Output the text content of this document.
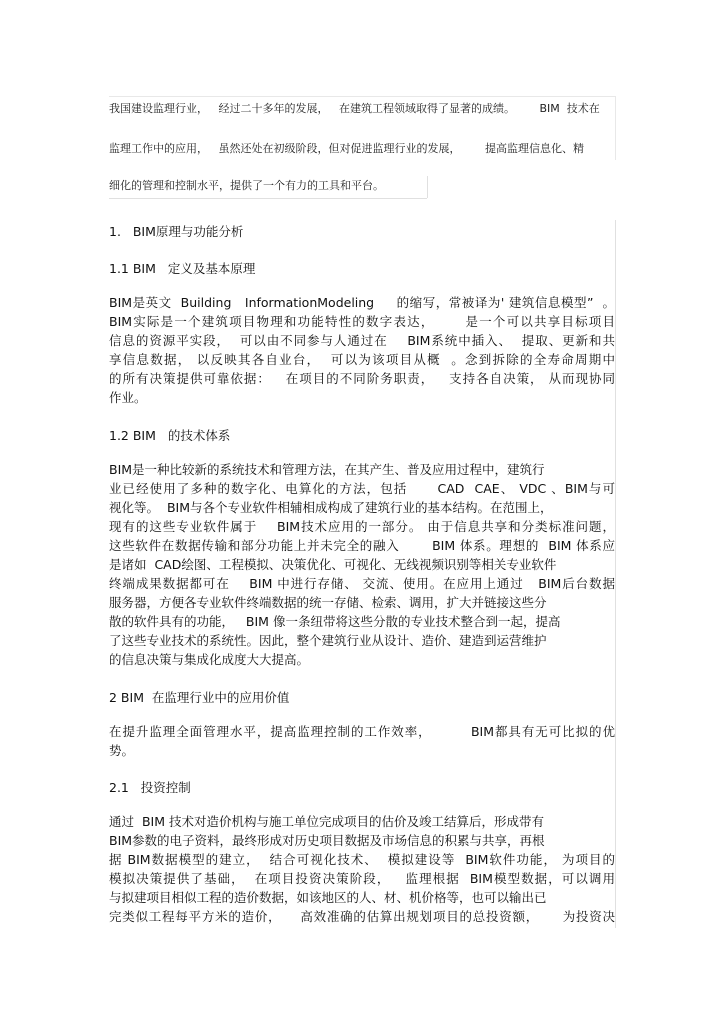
我国建设监理行业，   经过二十多年的发展，   在建筑工程领域取得了显著的成绩。       BIM  技术在
监理工作中的应用，   虽然还处在初级阶段，但对促进监理行业的发展，       提高监理信息化、精
细化的管理和控制水平，提供了一个有力的工具和平台。
1.   BIM原理与功能分析
1.1 BIM   定义及基本原理
BIM是英文  Building   InformationModeling     的缩写，常被译为' 建筑信息模型”  。
BIM实际是一个建筑项目物理和功能特性的数字表达，      是一个可以共享目标项目
信息的资源平实段，  可以由不同参与人通过在    BIM系统中插入、  提取、更新和共
享信息数据， 以反映其各自业台，  可以为该项目从概  。念到拆除的全寿命周期中
的所有决策提供可靠依据：   在项目的不同阶务职责，   支持各自决策， 从而现协同
作业。
1.2 BIM   的技术体系
BIM是一种比较新的系统技术和管理方法，在其产生、普及应用过程中，建筑行
业已经使用了多种的数字化、电算化的方法，包括      CAD  CAE、 VDC 、BIM与可
视化等。  BIM与各个专业软件相辅相成构成了建筑行业的基本结构。在范围上，
现有的这些专业软件属于    BIM技术应用的一部分。 由于信息共享和分类标准问题，
这些软件在数据传输和部分功能上并未完全的融入       BIM 体系。理想的  BIM 体系应
是诸如  CAD绘图、工程模拟、决策优化、可视化、无线视频识别等相关专业软件
终端成果数据都可在    BIM 中进行存储、 交流、使用。在应用上通过   BIM后台数据
服务器，方便各专业软件终端数据的统一存储、检索、调用，扩大并链接这些分
散的软件具有的功能，   BIM 像一条纽带将这些分散的专业技术整合到一起，提高
了这些专业技术的系统性。因此，整个建筑行业从设计、造价、建造到运营维护
的信息决策与集成化成度大大提高。
2 BIM  在监理行业中的应用价值
在提升监理全面管理水平，提高监理控制的工作效率，        BIM都具有无可比拟的优
势。
2.1   投资控制
通过  BIM 技术对造价机构与施工单位完成项目的估价及竣工结算后，形成带有
BIM参数的电子资料，最终形成对历史项目数据及市场信息的积累与共享，再根
据 BIM数据模型的建立，  结合可视化技术、  模拟建设等  BIM软件功能， 为项目的
模拟决策提供了基础，  在项目投资决策阶段，   监理根据  BIM模型数据，可以调用
与拟建项目相似工程的造价数据，如该地区的人、材、机价格等，也可以输出已
完类似工程每平方米的造价，    高效准确的估算出规划项目的总投资额，     为投资决
